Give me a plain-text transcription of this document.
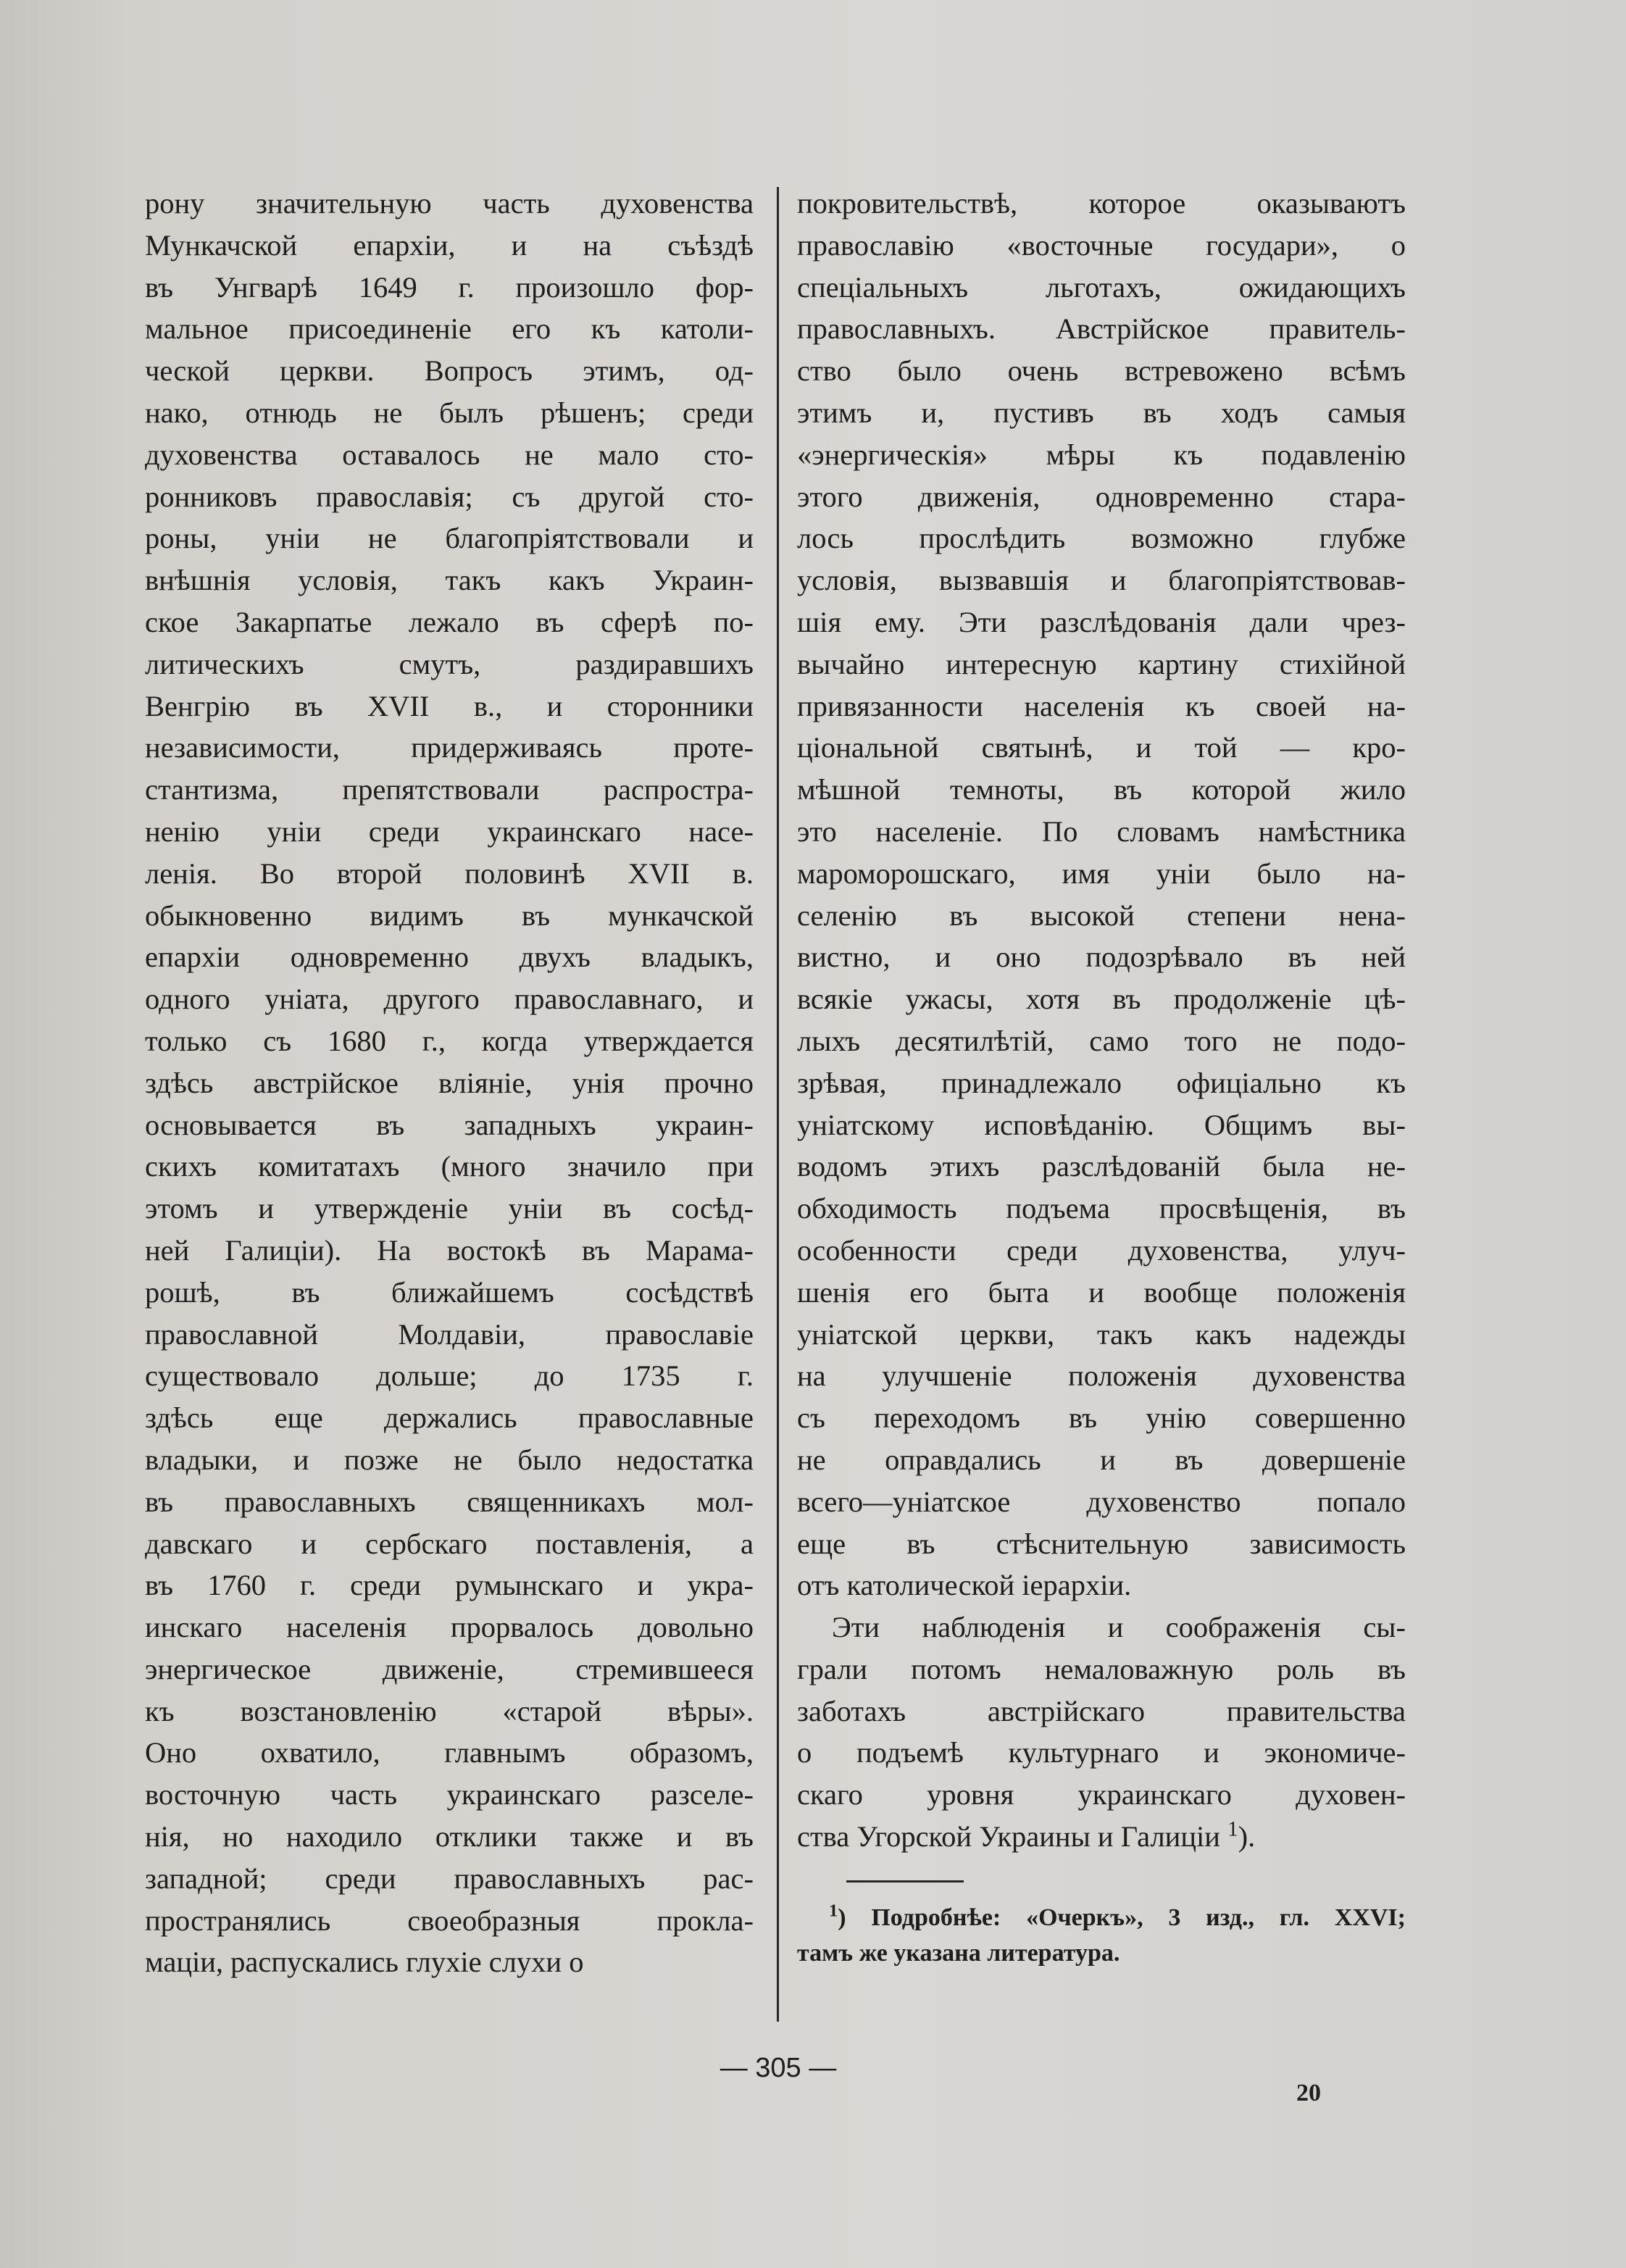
рону значительную часть духовенства
Мункачской епархіи, и на съѣздѣ
въ Унгварѣ 1649 г. произошло фор-
мальное присоединеніе его къ католи-
ческой церкви. Вопросъ этимъ, од-
нако, отнюдь не былъ рѣшенъ; среди
духовенства оставалось не мало сто-
ронниковъ православія; съ другой сто-
роны, уніи не благопріятствовали и
внѣшнія условія, такъ какъ Украин-
ское Закарпатье лежало въ сферѣ по-
литическихъ смутъ, раздиравшихъ
Венгрію въ XVII в., и сторонники
независимости, придерживаясь проте-
стантизма, препятствовали распростра-
ненію уніи среди украинскаго насе-
ленія. Во второй половинѣ XVII в.
обыкновенно видимъ въ мункачской
епархіи одновременно двухъ владыкъ,
одного уніата, другого православнаго, и
только съ 1680 г., когда утверждается
здѣсь австрійское вліяніе, унія прочно
основывается въ западныхъ украин-
скихъ комитатахъ (много значило при
этомъ и утвержденіе уніи въ сосѣд-
ней Галиціи). На востокѣ въ Марама-
рошѣ, въ ближайшемъ сосѣдствѣ
православной Молдавіи, православіе
существовало дольше; до 1735 г.
здѣсь еще держались православные
владыки, и позже не было недостатка
въ православныхъ священникахъ мол-
давскаго и сербскаго поставленія, а
въ 1760 г. среди румынскаго и укра-
инскаго населенія прорвалось довольно
энергическое движеніе, стремившееся
къ возстановленію «старой вѣры».
Оно охватило, главнымъ образомъ,
восточную часть украинскаго разселе-
нія, но находило отклики также и въ
западной; среди православныхъ рас-
пространялись своеобразныя прокла-
маціи, распускались глухіе слухи о
покровительствѣ, которое оказываютъ
православію «восточные государи», о
спеціальныхъ льготахъ, ожидающихъ
православныхъ. Австрійское правитель-
ство было очень встревожено всѣмъ
этимъ и, пустивъ въ ходъ самыя
«энергическія» мѣры къ подавленію
этого движенія, одновременно стара-
лось прослѣдить возможно глубже
условія, вызвавшія и благопріятствовав-
шія ему. Эти разслѣдованія дали чрез-
вычайно интересную картину стихійной
привязанности населенія къ своей на-
ціональной святынѣ, и той — кро-
мѣшной темноты, въ которой жило
это населеніе. По словамъ намѣстника
мароморошскаго, имя уніи было на-
селенію въ высокой степени нена-
вистно, и оно подозрѣвало въ ней
всякіе ужасы, хотя въ продолженіе цѣ-
лыхъ десятилѣтій, само того не подо-
зрѣвая, принадлежало офиціально къ
уніатскому исповѣданію. Общимъ вы-
водомъ этихъ разслѣдованій была не-
обходимость подъема просвѣщенія, въ
особенности среди духовенства, улуч-
шенія его быта и вообще положенія
уніатской церкви, такъ какъ надежды
на улучшеніе положенія духовенства
съ переходомъ въ унію совершенно
не оправдались и въ довершеніе
всего—уніатское духовенство попало
еще въ стѣснительную зависимость
отъ католической іерархіи.
Эти наблюденія и соображенія сы-
грали потомъ немаловажную роль въ
заботахъ австрійскаго правительства
о подъемѣ культурнаго и экономиче-
скаго уровня украинскаго духовен-
ства Угорской Украины и Галиціи $^1$).
$^1$) Подробнѣе: «Очеркъ», 3 изд., гл. XXVI;
тамъ же указана литература.
— 305 —
20
